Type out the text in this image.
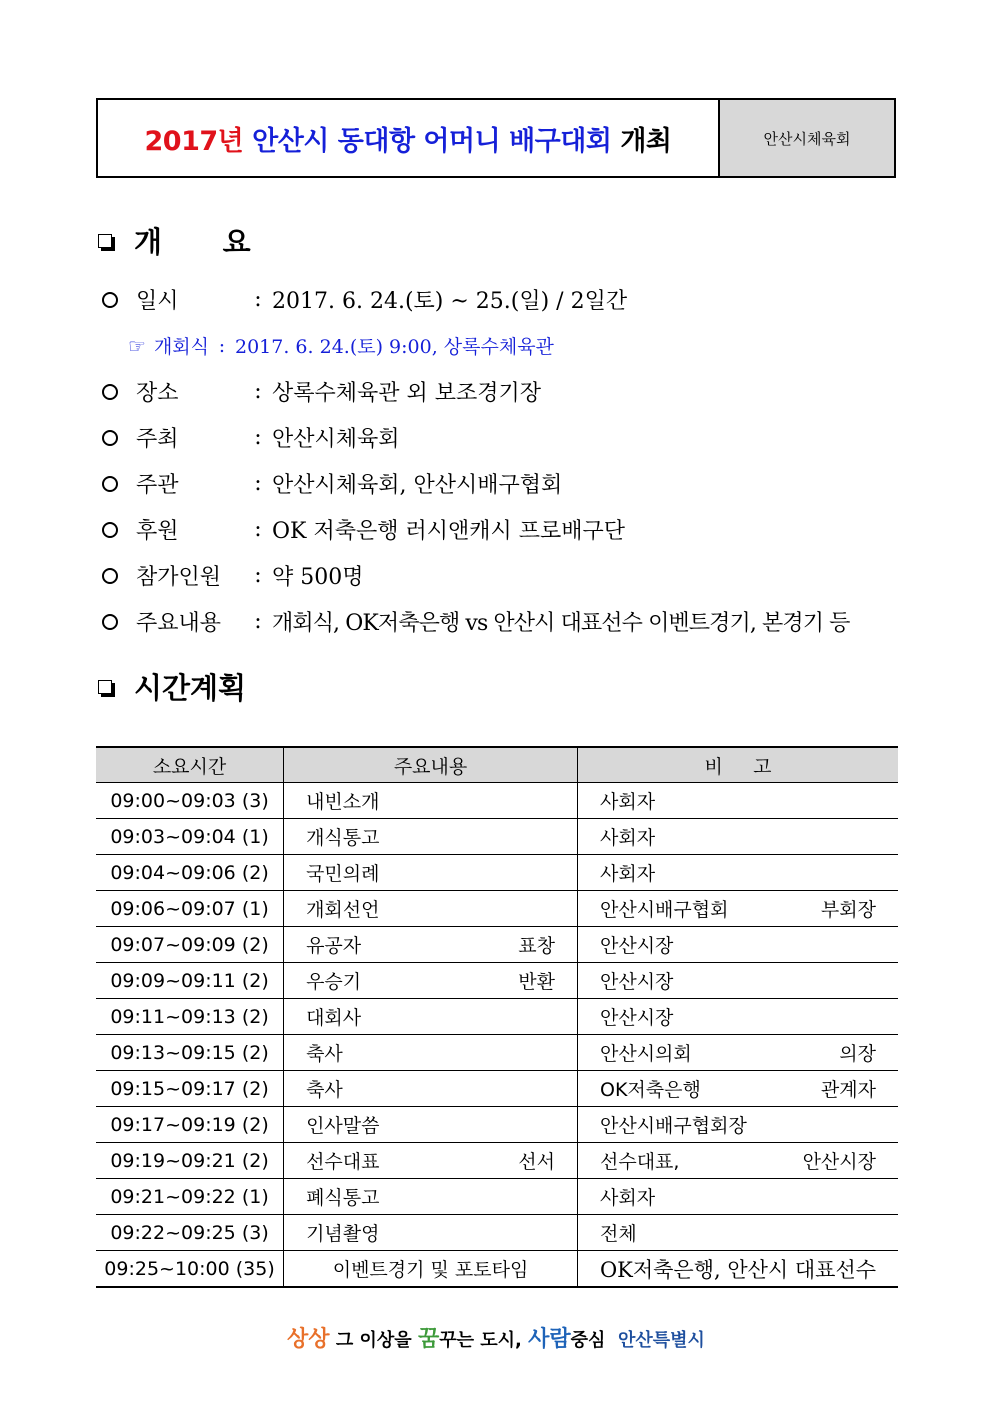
2017년
안산시 동대항 어머니 배구대회
개최	안산시체육회
개      요
일시	: 2017. 6. 24.(토) ~ 25.(일) / 2일간
☞ 개회식 : 2017. 6. 24.(토) 9:00, 상록수체육관
장소	: 상록수체육관 외 보조경기장
주최	: 안산시체육회
주관	: 안산시체육회, 안산시배구협회
후원	: OK 저축은행 러시앤캐시 프로배구단
참가인원	: 약 500명
주요내용	: 개회식, OK저축은행 vs 안산시 대표선수 이벤트경기, 본경기 등
시간계획
소요시간	주요내용	비     고
09:00~09:03 (3)	내빈소개	사회자
09:03~09:04 (1)	개식통고	사회자
09:04~09:06 (2)	국민의례	사회자
09:06~09:07 (1)	개회선언	안산시배구협회 부회장
09:07~09:09 (2)	유공자 표창	안산시장
09:09~09:11 (2)	우승기 반환	안산시장
09:11~09:13 (2)	대회사	안산시장
09:13~09:15 (2)	축사	안산시의회 의장
09:15~09:17 (2)	축사	OK저축은행 관계자
09:17~09:19 (2)	인사말씀	안산시배구협회장
09:19~09:21 (2)	선수대표 선서	선수대표, 안산시장
09:21~09:22 (1)	폐식통고	사회자
09:22~09:25 (3)	기념촬영	전체
09:25~10:00 (35)	이벤트경기 및 포토타임	OK저축은행, 안산시 대표선수
상상 그 이상을 꿈꾸는 도시, 사람중심 안산특별시
